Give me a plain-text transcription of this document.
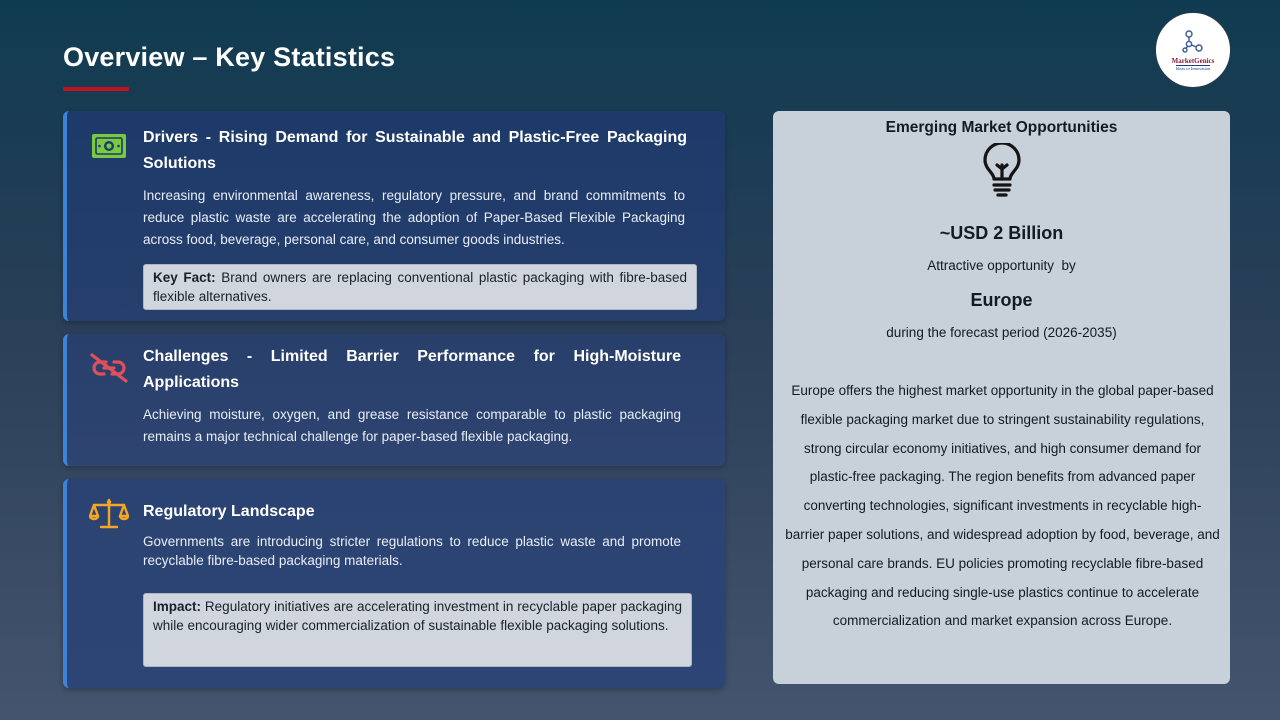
Overview – Key Statistics	MarketGenics
Ideas to Innovation
Drivers - Rising Demand for Sustainable and Plastic-Free Packaging Solutions
Increasing environmental awareness, regulatory pressure, and brand commitments to reduce plastic waste are accelerating the adoption of Paper-Based Flexible Packaging across food, beverage, personal care, and consumer goods industries.
Key Fact: Brand owners are replacing conventional plastic packaging with fibre-based flexible alternatives.
Challenges - Limited Barrier Performance for High-Moisture Applications
Achieving moisture, oxygen, and grease resistance comparable to plastic packaging remains a major technical challenge for paper-based flexible packaging.
Regulatory Landscape
Governments are introducing stricter regulations to reduce plastic waste and promote recyclable fibre-based packaging materials.
Impact: Regulatory initiatives are accelerating investment in recyclable paper packaging while encouraging wider commercialization of sustainable flexible packaging solutions.
Emerging Market Opportunities
~USD 2 Billion
Attractive opportunity  by
Europe
during the forecast period (2026-2035)
Europe offers the highest market opportunity in the global paper-based flexible packaging market due to stringent sustainability regulations, strong circular economy initiatives, and high consumer demand for plastic-free packaging. The region benefits from advanced paper converting technologies, significant investments in recyclable high-barrier paper solutions, and widespread adoption by food, beverage, and personal care brands. EU policies promoting recyclable fibre-based packaging and reducing single-use plastics continue to accelerate commercialization and market expansion across Europe.
